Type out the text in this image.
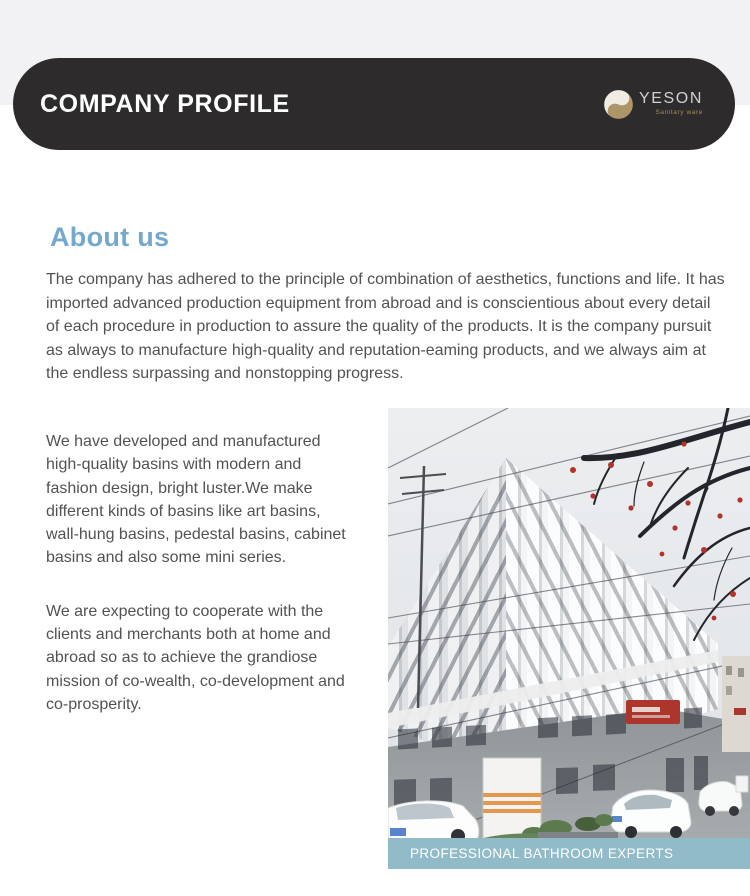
COMPANY PROFILE	YESON
Sanitary ware
About us

The company has adhered to the principle of combination of aesthetics, functions and life. It has imported advanced production equipment from abroad and is conscientious about every detail of each procedure in production to assure the quality of the products. It is the company pursuit as always to manufacture high-quality and reputation-eaming products, and we always aim at the endless surpassing and nonstopping progress.

We have developed and manufactured high-quality basins with modern and fashion design, bright luster.We make different kinds of basins like art basins, wall-hung basins, pedestal basins, cabinet basins and also some mini series.

We are expecting to cooperate with the clients and merchants both at home and abroad so as to achieve the grandiose mission of co-wealth, co-development and co-prosperity.

PROFESSIONAL BATHROOM EXPERTS
